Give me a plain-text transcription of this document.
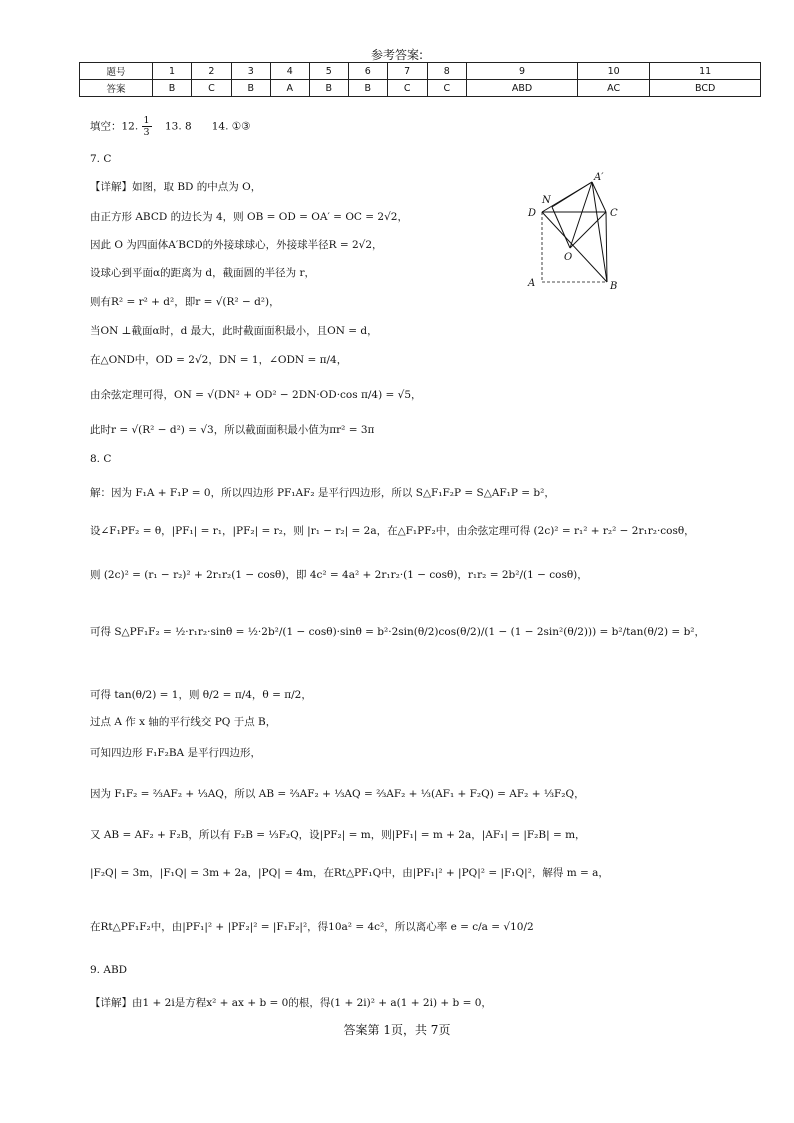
参考答案:
题号	1	2	3	4	5	6	7	8	9	10	11
答案	B	C	B	A	B	B	C	C	ABD	AC	BCD
填空：12. $\frac{1}{3} 13$. 8 14. ①③
7. C
【详解】如图，取 BD 的中点为 O，
由正方形 ABCD 的边长为 4，则 OB = OD = OA′ = OC = 2√2，
因此 O 为四面体A′BCD的外接球球心，外接球半径R = 2√2，
设球心到平面α的距离为 d，截面圆的半径为 r，
则有R² = r² + d²，即r = √(R² − d²)，
当ON ⊥截面α时，d 最大，此时截面面积最小，且ON = d，
在△OND中，OD = 2√2，DN = 1，∠ODN = π/4，
由余弦定理可得，ON = √(DN² + OD² − 2DN·OD·cos π/4) = √5，
此时r = √(R² − d²) = √3，所以截面面积最小值为πr² = 3π
A′
N
D	C
O
A	B
8. C
解：因为 F₁A + F₁P = 0，所以四边形 PF₁AF₂ 是平行四边形，所以 S△F₁F₂P = S△AF₁P = b²，
设∠F₁PF₂ = θ，|PF₁| = r₁，|PF₂| = r₂，则 |r₁ − r₂| = 2a，在△F₁PF₂中，由余弦定理可得 (2c)² = r₁² + r₂² − 2r₁r₂·cosθ，
则 (2c)² = (r₁ − r₂)² + 2r₁r₂(1 − cosθ)，即 4c² = 4a² + 2r₁r₂·(1 − cosθ)，r₁r₂ = 2b²/(1 − cosθ)，
可得 S△PF₁F₂ = ½·r₁r₂·sinθ = ½·2b²/(1 − cosθ)·sinθ = b²·2sin(θ/2)cos(θ/2)/(1 − (1 − 2sin²(θ/2))) = b²/tan(θ/2) = b²，
可得 tan(θ/2) = 1，则 θ/2 = π/4，θ = π/2，
过点 A 作 x 轴的平行线交 PQ 于点 B，
可知四边形 F₁F₂BA 是平行四边形，
因为 F₁F₂ = ⅔AF₂ + ⅓AQ，所以 AB = ⅔AF₂ + ⅓AQ = ⅔AF₂ + ⅓(AF₁ + F₂Q) = AF₂ + ⅓F₂Q，
又 AB = AF₂ + F₂B，所以有 F₂B = ⅓F₂Q，设|PF₂| = m，则|PF₁| = m + 2a，|AF₁| = |F₂B| = m，
|F₂Q| = 3m，|F₁Q| = 3m + 2a，|PQ| = 4m，在Rt△PF₁Q中，由|PF₁|² + |PQ|² = |F₁Q|²，解得 m = a，
在Rt△PF₁F₂中，由|PF₁|² + |PF₂|² = |F₁F₂|²，得10a² = 4c²，所以离心率 e = c/a = √10/2
9. ABD
【详解】由1 + 2i是方程x² + ax + b = 0的根，得(1 + 2i)² + a(1 + 2i) + b = 0，
答案第 1页，共 7页
